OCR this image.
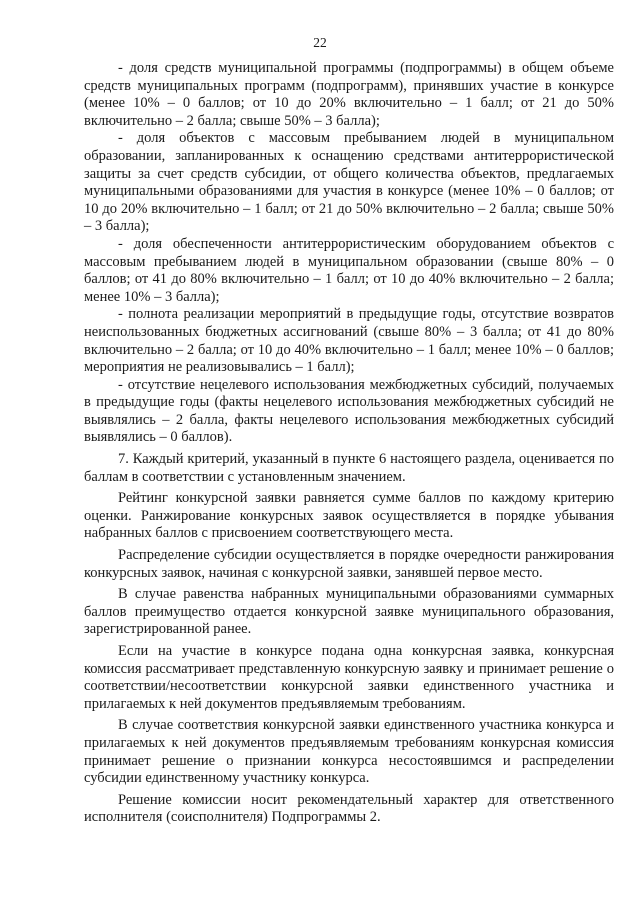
22

- доля средств муниципальной программы (подпрограммы) в общем объеме средств муниципальных программ (подпрограмм), принявших участие в конкурсе (менее 10% – 0 баллов; от 10 до 20% включительно – 1 балл; от 21 до 50% включительно – 2 балла; свыше 50% – 3 балла);

- доля объектов с массовым пребыванием людей в муниципальном образовании, запланированных к оснащению средствами антитеррористической защиты за счет средств субсидии, от общего количества объектов, предлагаемых муниципальными образованиями для участия в конкурсе (менее 10% – 0 баллов; от 10 до 20% включительно – 1 балл; от 21 до 50% включительно – 2 балла; свыше 50% – 3 балла);

- доля обеспеченности антитеррористическим оборудованием объектов с массовым пребыванием людей в муниципальном образовании (свыше 80% – 0 баллов; от 41 до 80% включительно – 1 балл; от 10 до 40% включительно – 2 балла; менее 10% – 3 балла);

- полнота реализации мероприятий в предыдущие годы, отсутствие возвратов неиспользованных бюджетных ассигнований (свыше 80% – 3 балла; от 41 до 80% включительно – 2 балла; от 10 до 40% включительно – 1 балл; менее 10% – 0 баллов; мероприятия не реализовывались – 1 балл);

- отсутствие нецелевого использования межбюджетных субсидий, получаемых в предыдущие годы (факты нецелевого использования межбюджетных субсидий не выявлялись – 2 балла, факты нецелевого использования межбюджетных субсидий выявлялись – 0 баллов).

7. Каждый критерий, указанный в пункте 6 настоящего раздела, оценивается по баллам в соответствии с установленным значением.

Рейтинг конкурсной заявки равняется сумме баллов по каждому критерию оценки. Ранжирование конкурсных заявок осуществляется в порядке убывания набранных баллов с присвоением соответствующего места.

Распределение субсидии осуществляется в порядке очередности ранжирования конкурсных заявок, начиная с конкурсной заявки, занявшей первое место.

В случае равенства набранных муниципальными образованиями суммарных баллов преимущество отдается конкурсной заявке муниципального образования, зарегистрированной ранее.

Если на участие в конкурсе подана одна конкурсная заявка, конкурсная комиссия рассматривает представленную конкурсную заявку и принимает решение о соответствии/несоответствии конкурсной заявки единственного участника и прилагаемых к ней документов предъявляемым требованиям.

В случае соответствия конкурсной заявки единственного участника конкурса и прилагаемых к ней документов предъявляемым требованиям конкурсная комиссия принимает решение о признании конкурса несостоявшимся и распределении субсидии единственному участнику конкурса.

Решение комиссии носит рекомендательный характер для ответственного исполнителя (соисполнителя) Подпрограммы 2.
